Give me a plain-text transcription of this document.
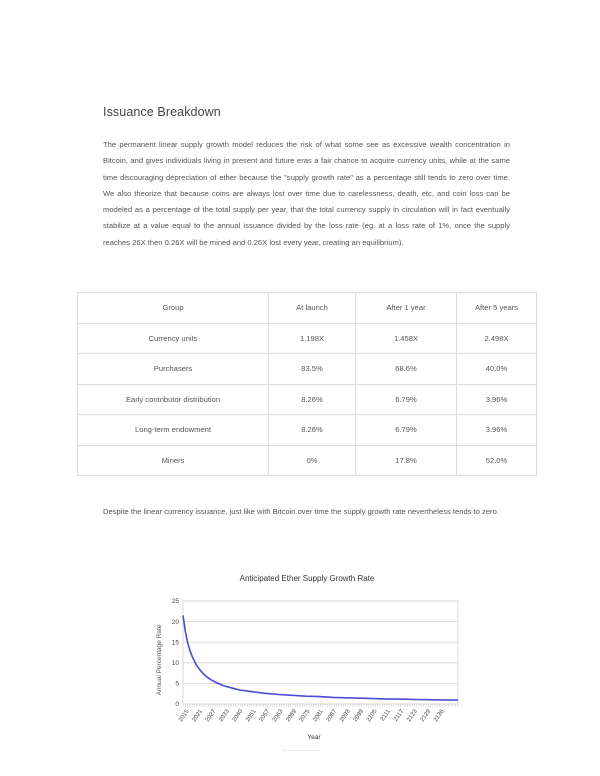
Issuance Breakdown

The permanent linear supply growth model reduces the risk of what some see as excessive wealth concentration in Bitcoin, and gives individuals living in present and future eras a fair chance to acquire currency units, while at the same time discouraging depreciation of ether because the "supply growth rate" as a percentage still tends to zero over time. We also theorize that because coins are always lost over time due to carelessness, death, etc, and coin loss can be modeled as a percentage of the total supply per year, that the total currency supply in circulation will in fact eventually stabilize at a value equal to the annual issuance divided by the loss rate (eg. at a loss rate of 1%, once the supply reaches 26X then 0.26X will be mined and 0.26X lost every year, creating an equilibrium).

Group	At launch	After 1 year	After 5 years
Currency units	1.198X	1.458X	2.498X
Purchasers	83.5%	68.6%	40.0%
Early contributor distribution	8.26%	6.79%	3.96%
Long-term endowment	8.26%	6.79%	3.96%
Miners	0%	17.8%	52.0%

Despite the linear currency issuance, just like with Bitcoin over time the supply growth rate nevertheless tends to zero.

Anticipated Ether Supply Growth Rate
0
5
10
15
20
25
2015 2021 2027 2033 2040 2051 2057 2063 2069 2075 2081 2087 2093 2099 2105 2111 2117 2123 2129 2136
Annual Percentage Rate
Year
